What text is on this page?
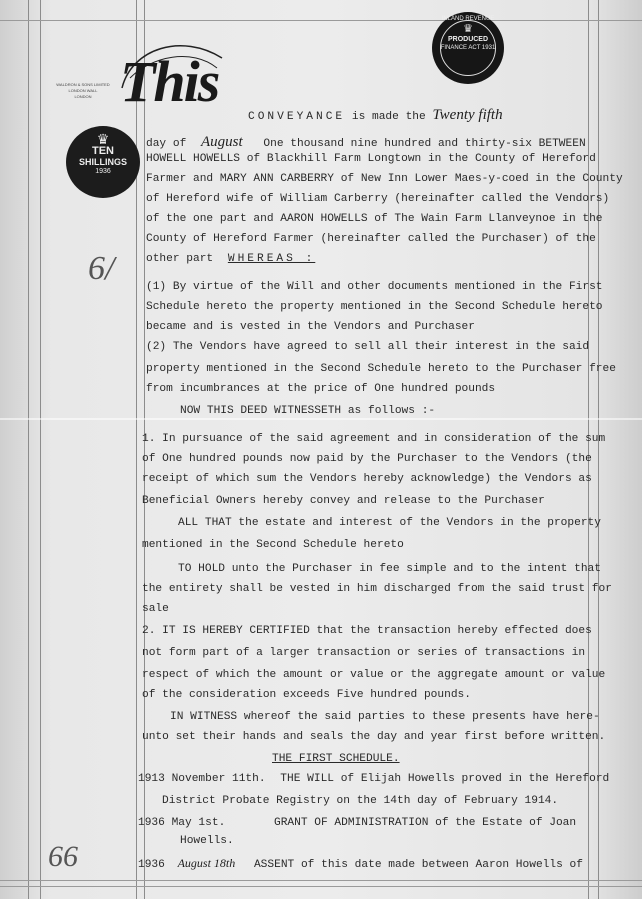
WALDRON & SONS LIMITED
LONDON WALL
LONDON This
♛
TEN
SHILLINGS
1936
INLAND REVENUE
♛
PRODUCED
FINANCE ACT 1931
6/
66
CONVEYANCE is made the Twenty fifth
day of August One thousand nine hundred and thirty-six BETWEEN
HOWELL HOWELLS of Blackhill Farm Longtown in the County of Hereford
Farmer and MARY ANN CARBERRY of New Inn Lower Maes-y-coed in the County
of Hereford wife of William Carberry (hereinafter called the Vendors)
of the one part and AARON HOWELLS of The Wain Farm Llanveynoe in the
County of Hereford Farmer (hereinafter called the Purchaser) of the
other part WHEREAS :
(1) By virtue of the Will and other documents mentioned in the First
Schedule hereto the property mentioned in the Second Schedule hereto
became and is vested in the Vendors and Purchaser
(2) The Vendors have agreed to sell all their interest in the said
property mentioned in the Second Schedule hereto to the Purchaser free
from incumbrances at the price of One hundred pounds
NOW THIS DEED WITNESSETH as follows :-
1. In pursuance of the said agreement and in consideration of the sum
of One hundred pounds now paid by the Purchaser to the Vendors (the
receipt of which sum the Vendors hereby acknowledge) the Vendors as
Beneficial Owners hereby convey and release to the Purchaser
ALL THAT the estate and interest of the Vendors in the property
mentioned in the Second Schedule hereto
TO HOLD unto the Purchaser in fee simple and to the intent that
the entirety shall be vested in him discharged from the said trust for
sale
2. IT IS HEREBY CERTIFIED that the transaction hereby effected does
not form part of a larger transaction or series of transactions in
respect of which the amount or value or the aggregate amount or value
of the consideration exceeds Five hundred pounds.
IN WITNESS whereof the said parties to these presents have here-
unto set their hands and seals the day and year first before written.
THE FIRST SCHEDULE.
1913 November 11th. THE WILL of Elijah Howells proved in the Hereford
District Probate Registry on the 14th day of February 1914.
1936 May 1st.	GRANT OF ADMINISTRATION of the Estate of Joan
Howells.
1936 August 18th ASSENT of this date made between Aaron Howells of
